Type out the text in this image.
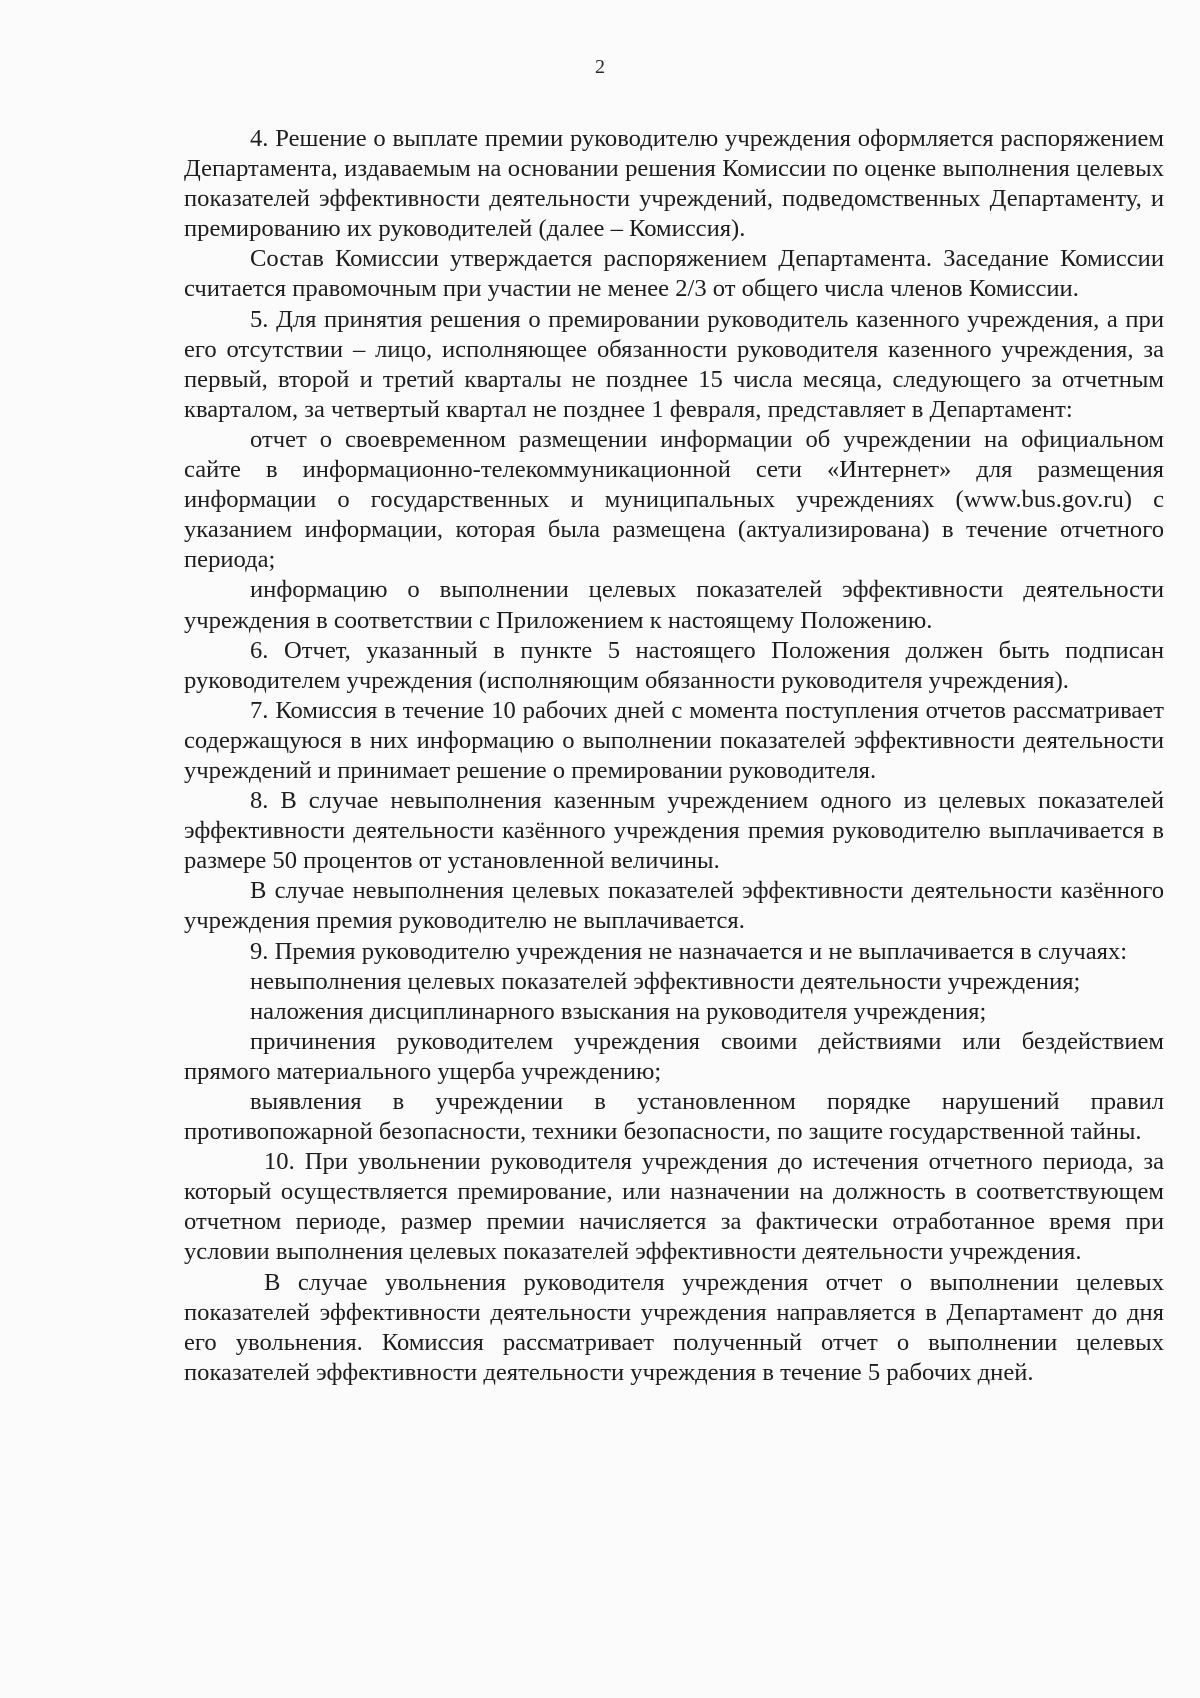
2

4. Решение о выплате премии руководителю учреждения оформляется распоряжением Департамента, издаваемым на основании решения Комиссии по оценке выполнения целевых показателей эффективности деятельности учреждений, подведомственных Департаменту, и премированию их руководителей (далее – Комиссия).

Состав Комиссии утверждается распоряжением Департамента. Заседание Комиссии считается правомочным при участии не менее 2/3 от общего числа членов Комиссии.

5. Для принятия решения о премировании руководитель казенного учреждения, а при его отсутствии – лицо, исполняющее обязанности руководителя казенного учреждения, за первый, второй и третий кварталы не позднее 15 числа месяца, следующего за отчетным кварталом, за четвертый квартал не позднее 1 февраля, представляет в Департамент:

отчет о своевременном размещении информации об учреждении на официальном сайте в информационно-телекоммуникационной сети «Интернет» для размещения информации о государственных и муниципальных учреждениях (www.bus.gov.ru) с указанием информации, которая была размещена (актуализирована) в течение отчетного периода;

информацию о выполнении целевых показателей эффективности деятельности учреждения в соответствии с Приложением к настоящему Положению.

6. Отчет, указанный в пункте 5 настоящего Положения должен быть подписан руководителем учреждения (исполняющим обязанности руководителя учреждения).

7. Комиссия в течение 10 рабочих дней с момента поступления отчетов рассматривает содержащуюся в них информацию о выполнении показателей эффективности деятельности учреждений и принимает решение о премировании руководителя.

8. В случае невыполнения казенным учреждением одного из целевых показателей эффективности деятельности казённого учреждения премия руководителю выплачивается в размере 50 процентов от установленной величины.

В случае невыполнения целевых показателей эффективности деятельности казённого учреждения премия руководителю не выплачивается.

9. Премия руководителю учреждения не назначается и не выплачивается в случаях:

невыполнения целевых показателей эффективности деятельности учреждения;

наложения дисциплинарного взыскания на руководителя учреждения;

причинения руководителем учреждения своими действиями или бездействием прямого материального ущерба учреждению;

выявления в учреждении в установленном порядке нарушений правил противопожарной безопасности, техники безопасности, по защите государственной тайны.

10. При увольнении руководителя учреждения до истечения отчетного периода, за который осуществляется премирование, или назначении на должность в соответствующем отчетном периоде, размер премии начисляется за фактически отработанное время при условии выполнения целевых показателей эффективности деятельности учреждения.

В случае увольнения руководителя учреждения отчет о выполнении целевых показателей эффективности деятельности учреждения направляется в Департамент до дня его увольнения. Комиссия рассматривает полученный отчет о выполнении целевых показателей эффективности деятельности учреждения в течение 5 рабочих дней.
